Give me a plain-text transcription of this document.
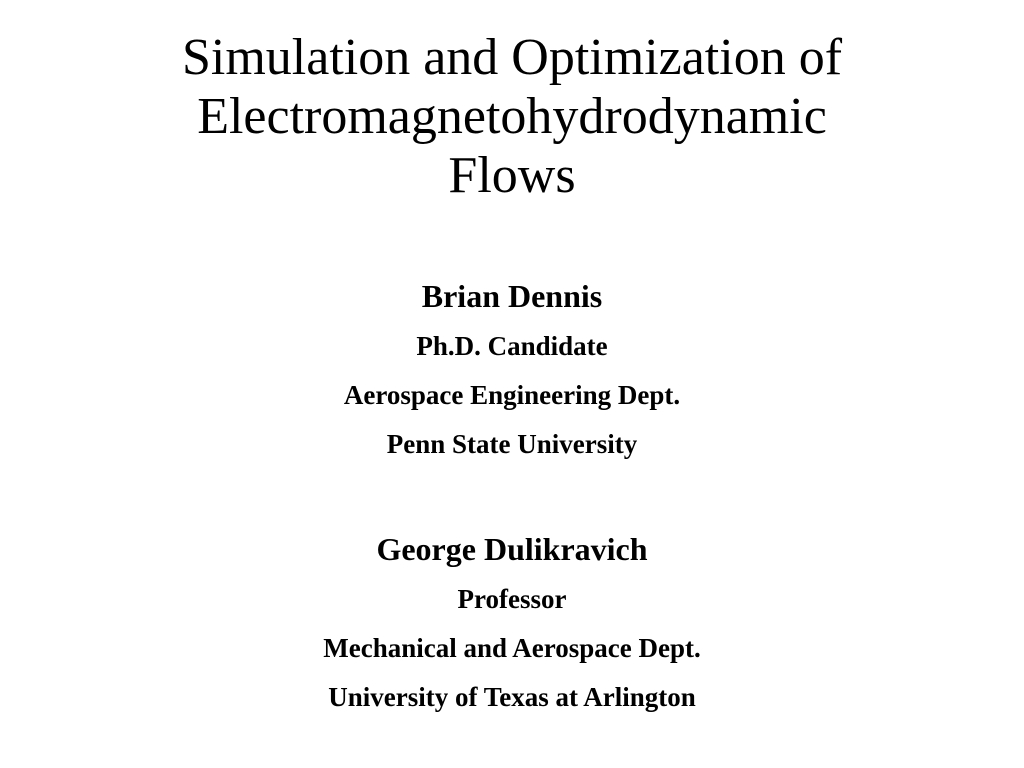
Simulation and Optimization of
Electromagnetohydrodynamic
Flows
Brian Dennis
Ph.D. Candidate
Aerospace Engineering Dept.
Penn State University
George Dulikravich
Professor
Mechanical and Aerospace Dept.
University of Texas at Arlington
